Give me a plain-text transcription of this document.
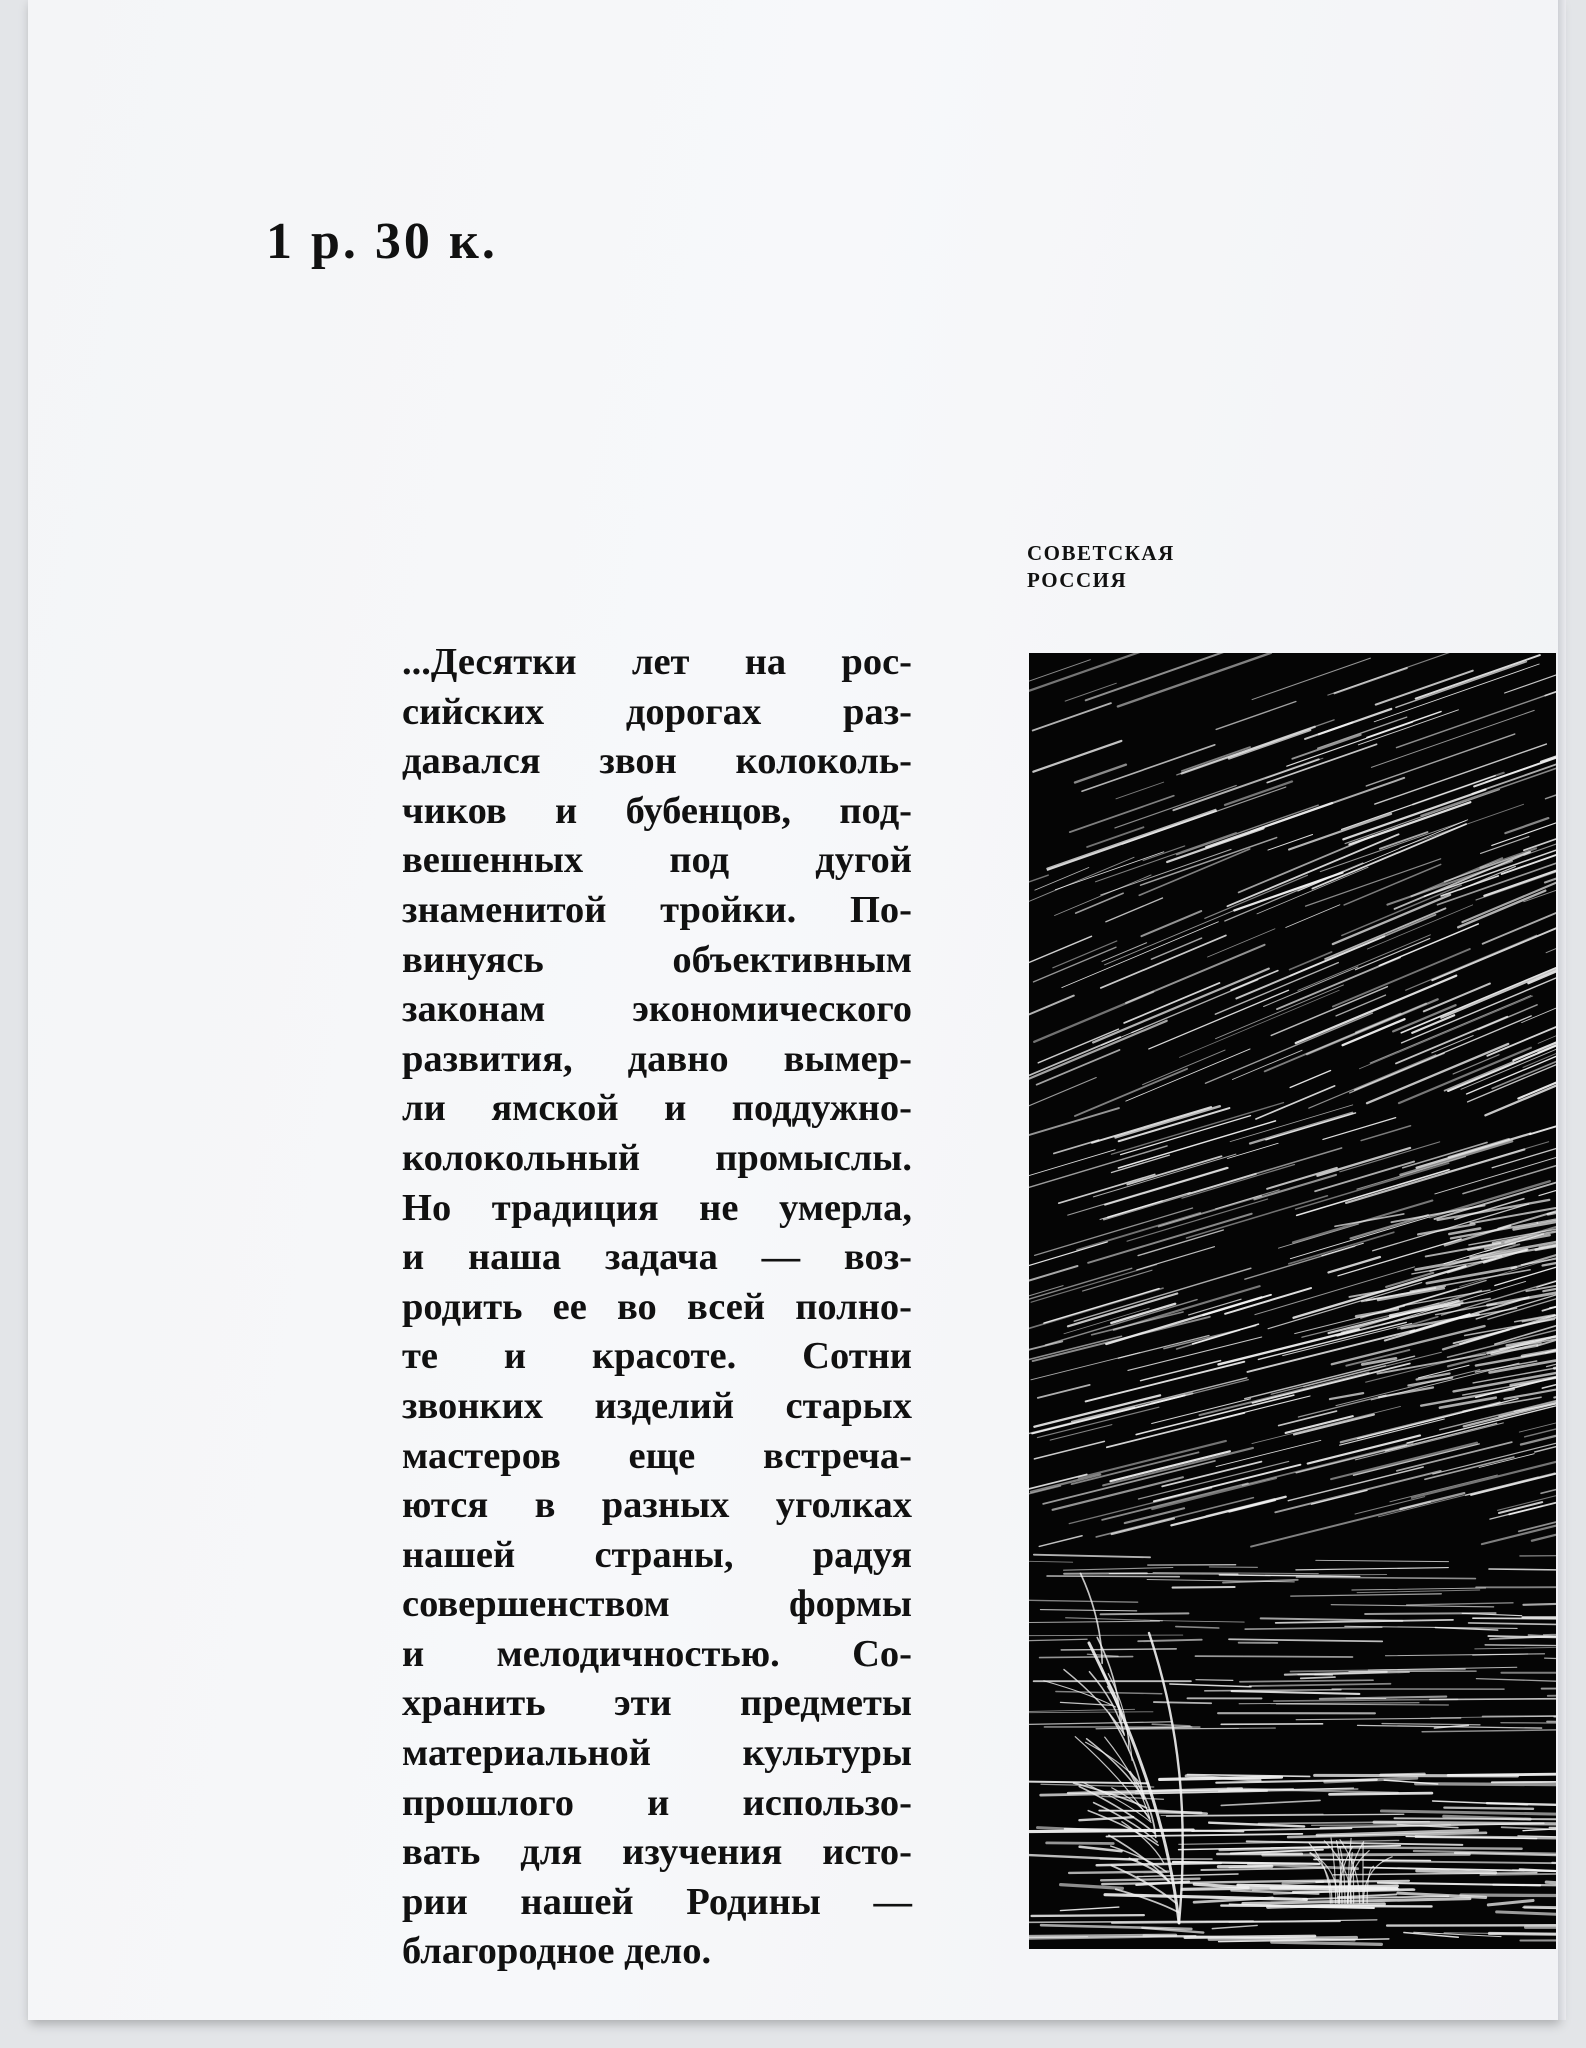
1 р. 30 к.

СОВЕТСКАЯ
РОССИЯ

...Десятки лет на рос-
сийских дорогах раз-
давался звон колоколь-
чиков и бубенцов, под-
вешенных под дугой
знаменитой тройки. По-
винуясь объективным
законам экономического
развития, давно вымер-
ли ямской и поддужно-
колокольный промыслы.
Но традиция не умерла,
и наша задача — воз-
родить ее во всей полно-
те и красоте. Сотни
звонких изделий старых
мастеров еще встреча-
ются в разных уголках
нашей страны, радуя
совершенством формы
и мелодичностью. Со-
хранить эти предметы
материальной культуры
прошлого и использо-
вать для изучения исто-
рии нашей Родины —
благородное дело.
